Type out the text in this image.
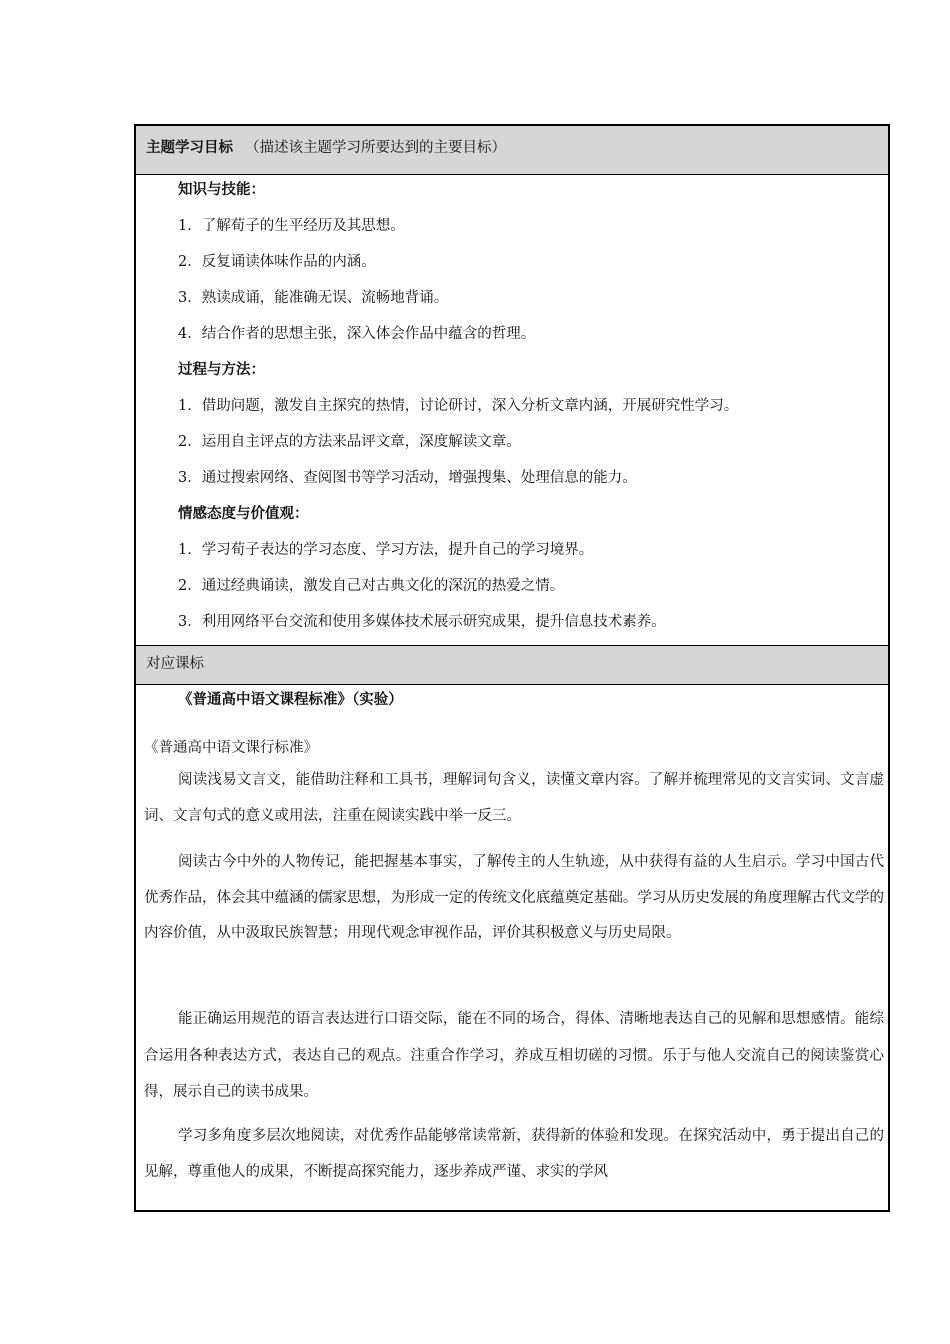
主题学习目标 （描述该主题学习所要达到的主要目标）
知识与技能：
1．了解荀子的生平经历及其思想。
2．反复诵读体味作品的内涵。
3．熟读成诵，能准确无误、流畅地背诵。
4．结合作者的思想主张，深入体会作品中蕴含的哲理。
过程与方法：
1．借助问题，激发自主探究的热情，讨论研讨，深入分析文章内涵，开展研究性学习。
2．运用自主评点的方法来品评文章，深度解读文章。
3．通过搜索网络、查阅图书等学习活动，增强搜集、处理信息的能力。
情感态度与价值观：
1．学习荀子表达的学习态度、学习方法，提升自己的学习境界。
2．通过经典诵读，激发自己对古典文化的深沉的热爱之情。
3．利用网络平台交流和使用多媒体技术展示研究成果，提升信息技术素养。
对应课标
《普通高中语文课程标准》（实验）
《普通高中语文课行标准》
阅读浅易文言文，能借助注释和工具书，理解词句含义，读懂文章内容。了解并梳理常见的文言实词、文言虚词、文言句式的意义或用法，注重在阅读实践中举一反三。
阅读古今中外的人物传记，能把握基本事实，了解传主的人生轨迹，从中获得有益的人生启示。学习中国古代优秀作品，体会其中蕴涵的儒家思想，为形成一定的传统文化底蕴奠定基础。学习从历史发展的角度理解古代文学的内容价值，从中汲取民族智慧；用现代观念审视作品，评价其积极意义与历史局限。
能正确运用规范的语言表达进行口语交际，能在不同的场合，得体、清晰地表达自己的见解和思想感情。能综合运用各种表达方式，表达自己的观点。注重合作学习，养成互相切磋的习惯。乐于与他人交流自己的阅读鉴赏心得，展示自己的读书成果。
学习多角度多层次地阅读，对优秀作品能够常读常新，获得新的体验和发现。在探究活动中，勇于提出自己的见解，尊重他人的成果，不断提高探究能力，逐步养成严谨、求实的学风
